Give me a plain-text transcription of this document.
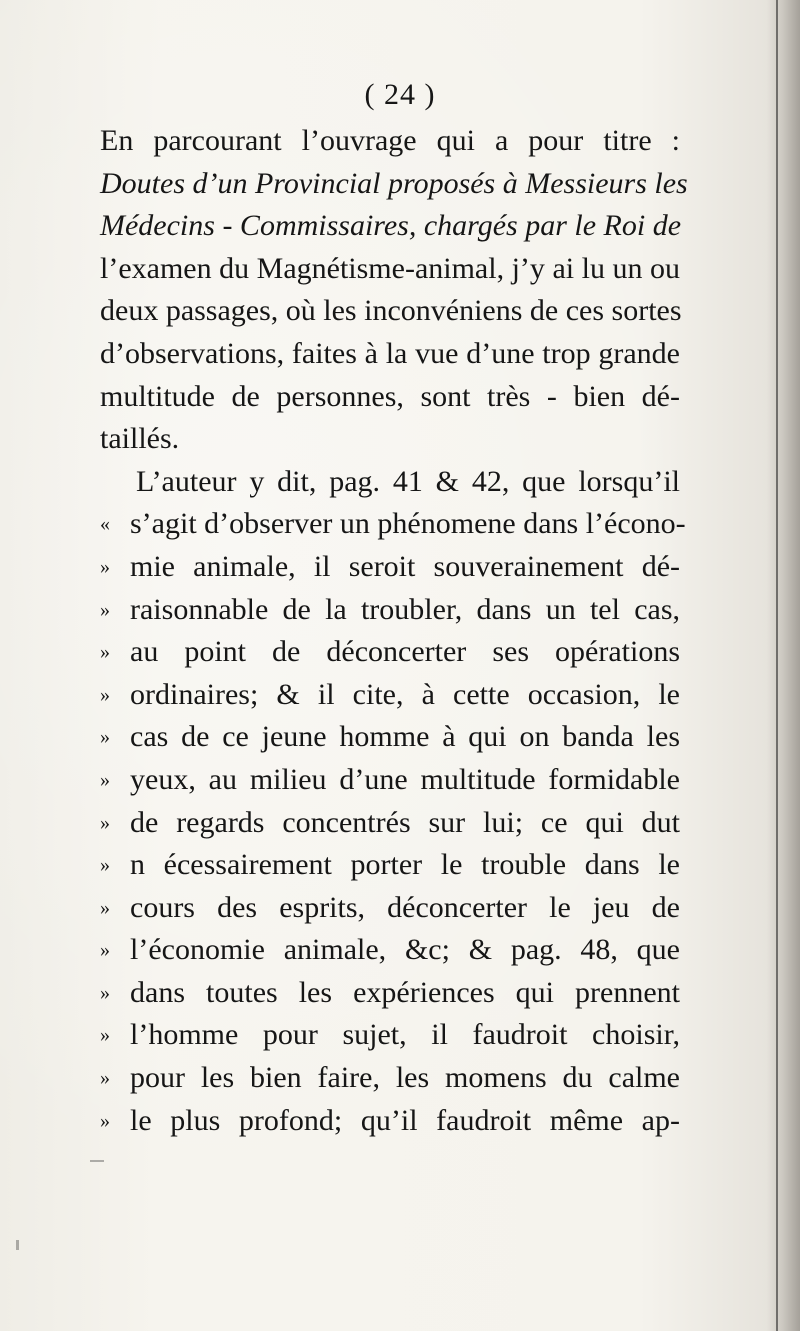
( 24 )
En parcourant l’ouvrage qui a pour titre :
Doutes d’un Provincial proposés à Messieurs les
Médecins - Commissaires, chargés par le Roi de
l’examen du Magnétisme-animal, j’y ai lu un ou
deux passages, où les inconvéniens de ces sortes
d’observations, faites à la vue d’une trop grande
multitude de personnes, sont très - bien dé-
taillés.
L’auteur y dit, pag. 41 & 42, que lorsqu’il
« s’agit d’observer un phénomene dans l’écono-
» mie animale, il seroit souverainement dé-
» raisonnable de la troubler, dans un tel cas,
» au point de déconcerter ses opérations
» ordinaires; & il cite, à cette occasion, le
» cas de ce jeune homme à qui on banda les
» yeux, au milieu d’une multitude formidable
» de regards concentrés sur lui; ce qui dut
» n écessairement porter le trouble dans le
» cours des esprits, déconcerter le jeu de
» l’économie animale, &c; & pag. 48, que
» dans toutes les expériences qui prennent
» l’homme pour sujet, il faudroit choisir,
» pour les bien faire, les momens du calme
» le plus profond; qu’il faudroit même ap-
